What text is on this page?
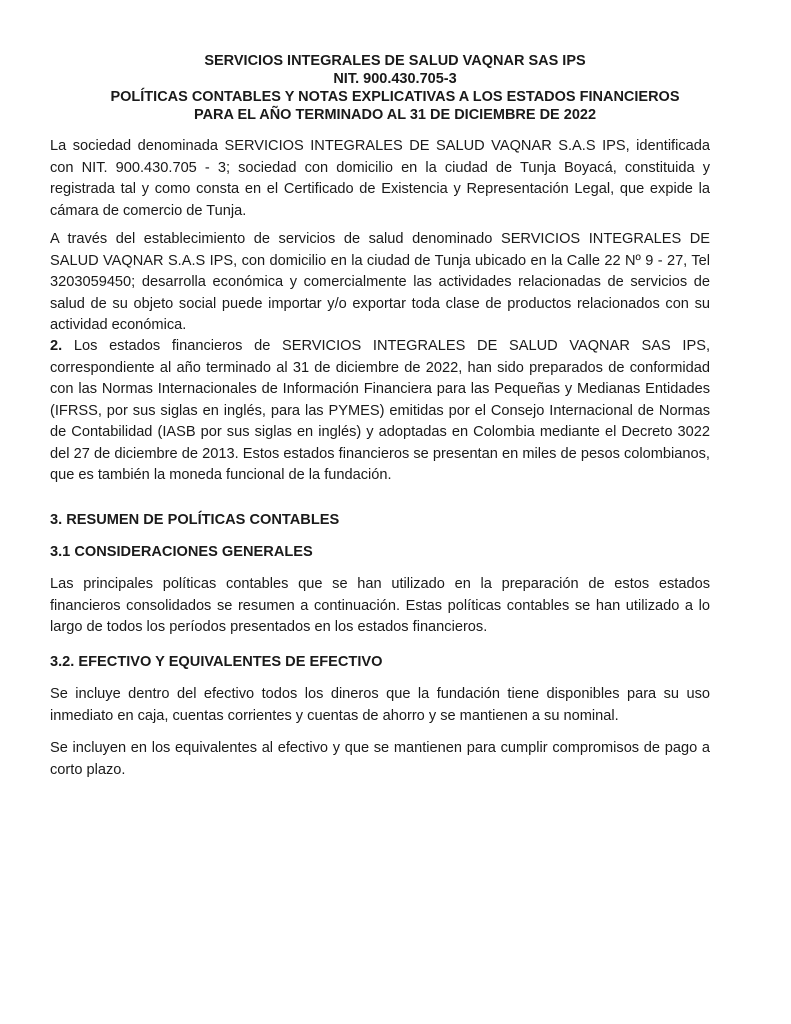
SERVICIOS INTEGRALES DE SALUD VAQNAR SAS IPS

NIT. 900.430.705-3

POLÍTICAS CONTABLES Y NOTAS EXPLICATIVAS A LOS ESTADOS FINANCIEROS

PARA EL AÑO TERMINADO AL 31 DE DICIEMBRE DE 2022

La sociedad denominada SERVICIOS INTEGRALES DE SALUD VAQNAR S.A.S IPS, identificada con NIT. 900.430.705 - 3; sociedad con domicilio en la ciudad de Tunja Boyacá, constituida y registrada tal y como consta en el Certificado de Existencia y Representación Legal, que expide la cámara de comercio de Tunja.

A través del establecimiento de servicios de salud denominado SERVICIOS INTEGRALES DE SALUD VAQNAR S.A.S IPS, con domicilio en la ciudad de Tunja ubicado en la Calle 22 Nº 9 - 27, Tel 3203059450; desarrolla económica y comercialmente las actividades relacionadas de servicios de salud de su objeto social puede importar y/o exportar toda clase de productos relacionados con su actividad económica.

2. Los estados financieros de SERVICIOS INTEGRALES DE SALUD VAQNAR SAS IPS, correspondiente al año terminado al 31 de diciembre de 2022, han sido preparados de conformidad con las Normas Internacionales de Información Financiera para las Pequeñas y Medianas Entidades (IFRSS, por sus siglas en inglés, para las PYMES) emitidas por el Consejo Internacional de Normas de Contabilidad (IASB por sus siglas en inglés) y adoptadas en Colombia mediante el Decreto 3022 del 27 de diciembre de 2013. Estos estados financieros se presentan en miles de pesos colombianos, que es también la moneda funcional de la fundación.

3. RESUMEN DE POLÍTICAS CONTABLES

3.1 CONSIDERACIONES GENERALES

Las principales políticas contables que se han utilizado en la preparación de estos estados financieros consolidados se resumen a continuación. Estas políticas contables se han utilizado a lo largo de todos los períodos presentados en los estados financieros.

3.2. EFECTIVO Y EQUIVALENTES DE EFECTIVO

Se incluye dentro del efectivo todos los dineros que la fundación tiene disponibles para su uso inmediato en caja, cuentas corrientes y cuentas de ahorro y se mantienen a su nominal.

Se incluyen en los equivalentes al efectivo y que se mantienen para cumplir compromisos de pago a corto plazo.
